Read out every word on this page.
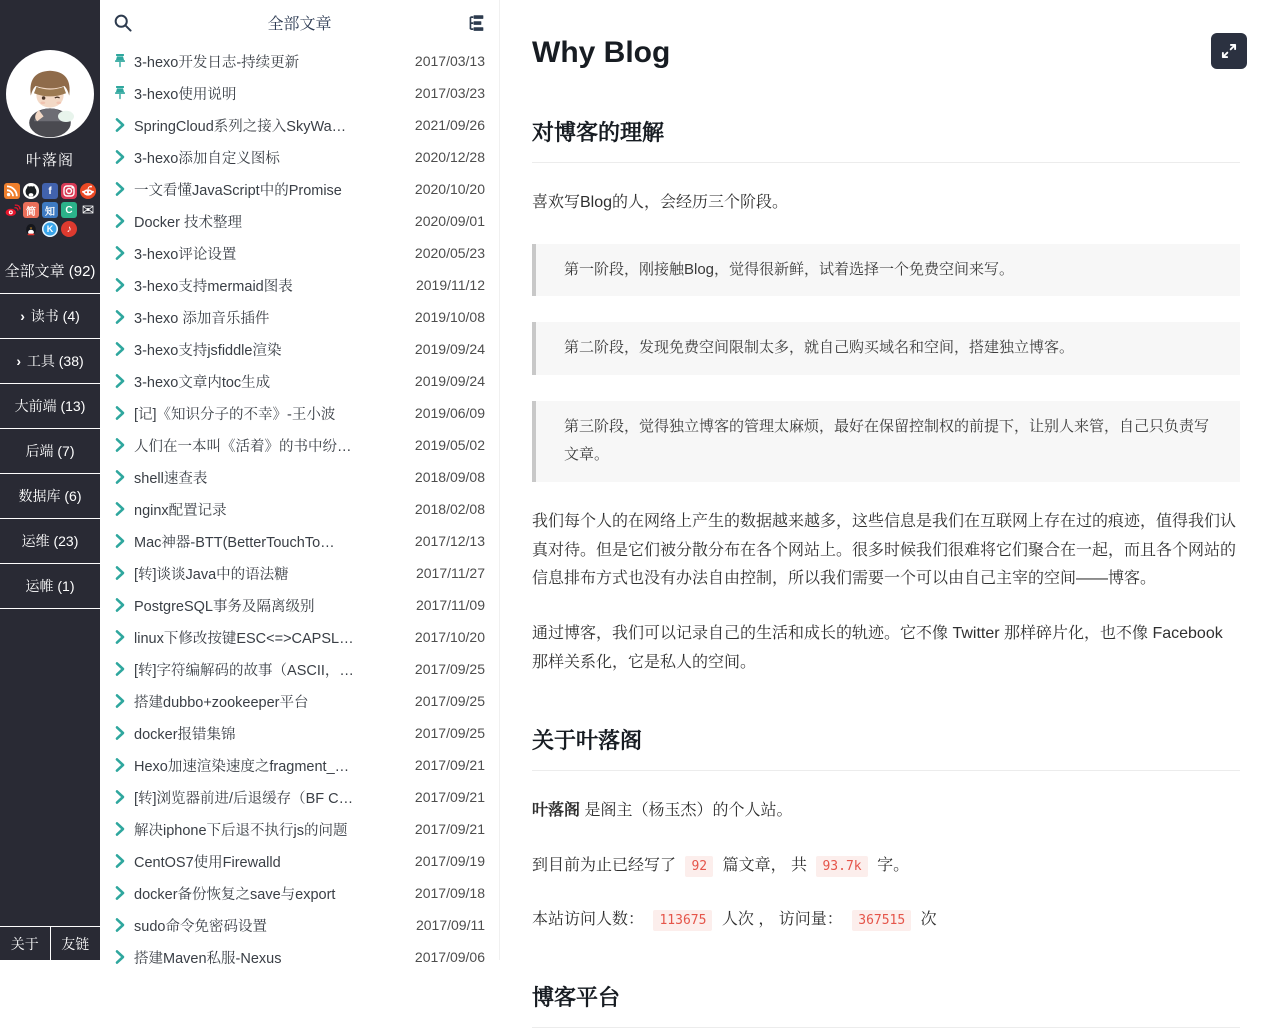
叶落阁
f
简 知	C ✉
K	♪
全部文章 (92)
› 读书 (4)
› 工具 (38)
大前端 (13)
后端 (7)
数据库 (6)
运维 (23)
运帷 (1)
关于	友链
全部文章
3-hexo开发日志-持续更新	2017/03/13
3-hexo使用说明	2017/03/23
SpringCloud系列之接入SkyWa…	2021/09/26
3-hexo添加自定义图标	2020/12/28
一文看懂JavaScript中的Promise	2020/10/20
Docker 技术整理	2020/09/01
3-hexo评论设置	2020/05/23
3-hexo支持mermaid图表	2019/11/12
3-hexo 添加音乐插件	2019/10/08
3-hexo支持jsfiddle渲染	2019/09/24
3-hexo文章内toc生成	2019/09/24
[记]《知识分子的不幸》-王小波	2019/06/09
人们在一本叫《活着》的书中纷…	2019/05/02
shell速查表	2018/09/08
nginx配置记录	2018/02/08
Mac神器-BTT(BetterTouchTo…	2017/12/13
[转]谈谈Java中的语法糖	2017/11/27
PostgreSQL事务及隔离级别	2017/11/09
linux下修改按键ESC<=>CAPSL…	2017/10/20
[转]字符编解码的故事（ASCII，…	2017/09/25
搭建dubbo+zookeeper平台	2017/09/25
docker报错集锦	2017/09/25
Hexo加速渲染速度之fragment_…	2017/09/21
[转]浏览器前进/后退缓存（BF C…	2017/09/21
解决iphone下后退不执行js的问题	2017/09/21
CentOS7使用Firewalld	2017/09/19
docker备份恢复之save与export	2017/09/18
sudo命令免密码设置	2017/09/11
搭建Maven私服-Nexus	2017/09/06
Why Blog
对博客的理解

喜欢写Blog的人，会经历三个阶段。

第一阶段，刚接触Blog，觉得很新鲜，试着选择一个免费空间来写。
第二阶段，发现免费空间限制太多，就自己购买域名和空间，搭建独立博客。
第三阶段，觉得独立博客的管理太麻烦，最好在保留控制权的前提下，让别人来管，自己只负责写文章。

我们每个人的在网络上产生的数据越来越多，这些信息是我们在互联网上存在过的痕迹，值得我们认真对待。但是它们被分散分布在各个网站上。很多时候我们很难将它们聚合在一起，而且各个网站的信息排布方式也没有办法自由控制，所以我们需要一个可以由自己主宰的空间——博客。

通过博客，我们可以记录自己的生活和成长的轨迹。它不像 Twitter 那样碎片化，也不像 Facebook 那样关系化，它是私人的空间。

关于叶落阁

叶落阁 是阁主（杨玉杰）的个人站。

到目前为止已经写了 92 篇文章， 共 93.7k 字。

本站访问人数： 113675 人次 ， 访问量： 367515 次

博客平台
